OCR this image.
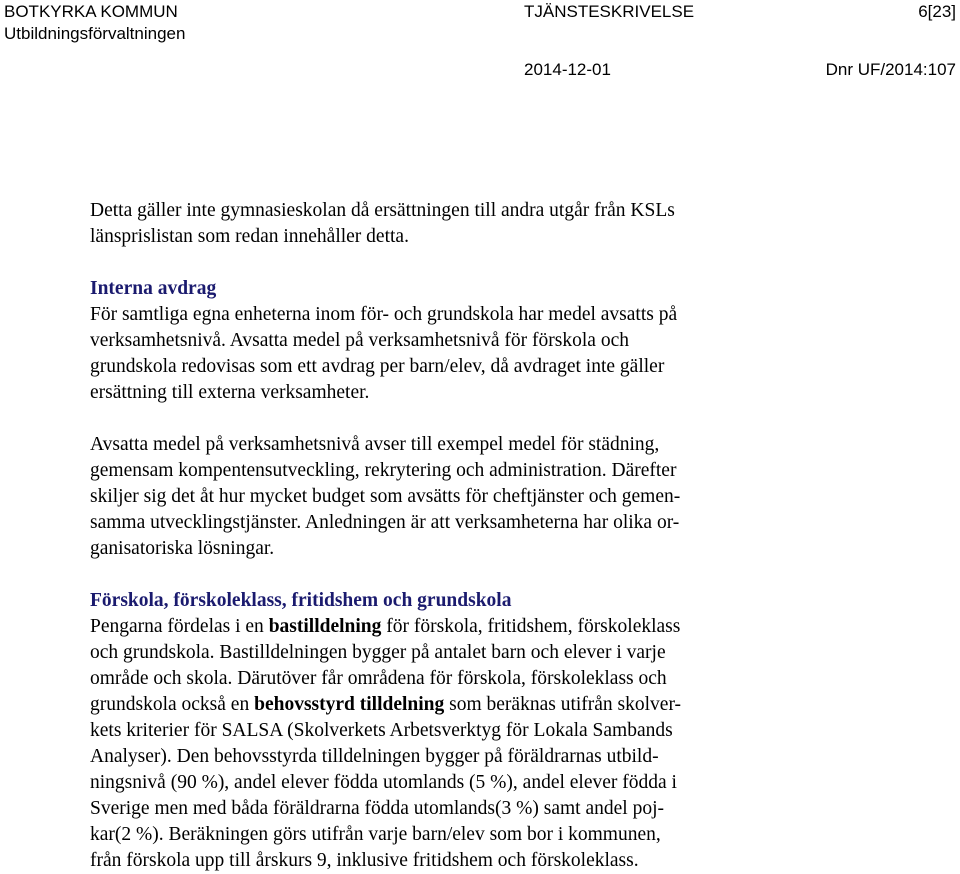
BOTKYRKA KOMMUN
Utbildningsförvaltningen
TJÄNSTESKRIVELSE	6[23]
2014-12-01	Dnr UF/2014:107

Detta gäller inte gymnasieskolan då ersättningen till andra utgår från KSLs
länsprislistan som redan innehåller detta.

Interna avdrag

För samtliga egna enheterna inom för- och grundskola har medel avsatts på
verksamhetsnivå. Avsatta medel på verksamhetsnivå för förskola och
grundskola redovisas som ett avdrag per barn/elev, då avdraget inte gäller
ersättning till externa verksamheter.

Avsatta medel på verksamhetsnivå avser till exempel medel för städning,
gemensam kompentensutveckling, rekrytering och administration. Därefter
skiljer sig det åt hur mycket budget som avsätts för cheftjänster och gemen-
samma utvecklingstjänster. Anledningen är att verksamheterna har olika or-
ganisatoriska lösningar.

Förskola, förskoleklass, fritidshem och grundskola

Pengarna fördelas i en bastilldelning för förskola, fritidshem, förskoleklass
och grundskola. Bastilldelningen bygger på antalet barn och elever i varje
område och skola. Därutöver får områdena för förskola, förskoleklass och
grundskola också en behovsstyrd tilldelning som beräknas utifrån skolver-
kets kriterier för SALSA (Skolverkets Arbetsverktyg för Lokala Sambands
Analyser). Den behovsstyrda tilldelningen bygger på föräldrarnas utbild-
ningsnivå (90 %), andel elever födda utomlands (5 %), andel elever födda i
Sverige men med båda föräldrarna födda utomlands(3 %) samt andel poj-
kar(2 %). Beräkningen görs utifrån varje barn/elev som bor i kommunen,
från förskola upp till årskurs 9, inklusive fritidshem och förskoleklass.
